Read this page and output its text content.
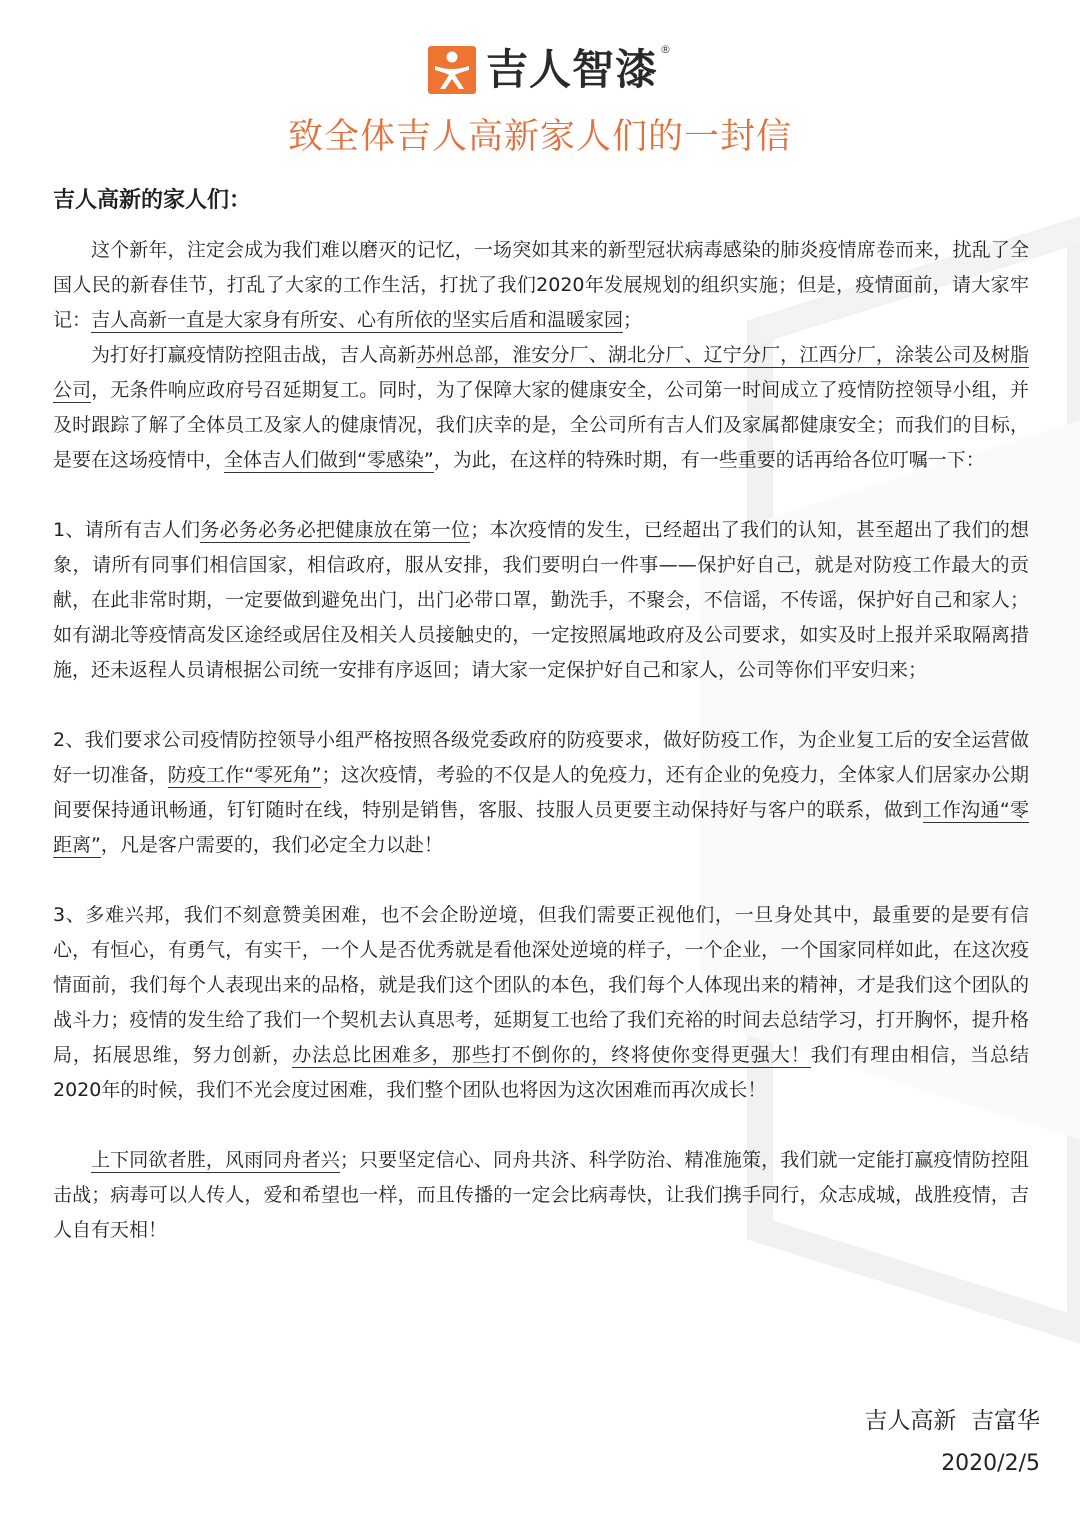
吉人智漆 ®
致全体吉人高新家人们的一封信
吉人高新的家人们：

这个新年，注定会成为我们难以磨灭的记忆，一场突如其来的新型冠状病毒感染的肺炎疫情席卷而来，扰乱了全国人民的新春佳节，打乱了大家的工作生活，打扰了我们2020年发展规划的组织实施；但是，疫情面前，请大家牢记：吉人高新一直是大家身有所安、心有所依的坚实后盾和温暖家园；

为打好打赢疫情防控阻击战，吉人高新苏州总部，淮安分厂、湖北分厂、辽宁分厂，江西分厂，涂装公司及树脂公司，无条件响应政府号召延期复工。同时，为了保障大家的健康安全，公司第一时间成立了疫情防控领导小组，并及时跟踪了解了全体员工及家人的健康情况，我们庆幸的是，全公司所有吉人们及家属都健康安全；而我们的目标，是要在这场疫情中，全体吉人们做到“零感染”，为此，在这样的特殊时期，有一些重要的话再给各位叮嘱一下：

1、请所有吉人们务必务必务必把健康放在第一位；本次疫情的发生，已经超出了我们的认知，甚至超出了我们的想象，请所有同事们相信国家，相信政府，服从安排，我们要明白一件事——保护好自己，就是对防疫工作最大的贡献，在此非常时期，一定要做到避免出门，出门必带口罩，勤洗手，不聚会，不信谣，不传谣，保护好自己和家人；如有湖北等疫情高发区途经或居住及相关人员接触史的，一定按照属地政府及公司要求，如实及时上报并采取隔离措施，还未返程人员请根据公司统一安排有序返回；请大家一定保护好自己和家人，公司等你们平安归来；

2、我们要求公司疫情防控领导小组严格按照各级党委政府的防疫要求，做好防疫工作，为企业复工后的安全运营做好一切准备，防疫工作“零死角”；这次疫情，考验的不仅是人的免疫力，还有企业的免疫力，全体家人们居家办公期间要保持通讯畅通，钉钉随时在线，特别是销售，客服、技服人员更要主动保持好与客户的联系，做到工作沟通“零距离”，凡是客户需要的，我们必定全力以赴！

3、多难兴邦，我们不刻意赞美困难，也不会企盼逆境，但我们需要正视他们，一旦身处其中，最重要的是要有信心，有恒心，有勇气，有实干，一个人是否优秀就是看他深处逆境的样子，一个企业，一个国家同样如此，在这次疫情面前，我们每个人表现出来的品格，就是我们这个团队的本色，我们每个人体现出来的精神，才是我们这个团队的战斗力；疫情的发生给了我们一个契机去认真思考，延期复工也给了我们充裕的时间去总结学习，打开胸怀，提升格局，拓展思维，努力创新，办法总比困难多，那些打不倒你的，终将使你变得更强大！我们有理由相信，当总结2020年的时候，我们不光会度过困难，我们整个团队也将因为这次困难而再次成长！

上下同欲者胜，风雨同舟者兴；只要坚定信心、同舟共济、科学防治、精准施策，我们就一定能打赢疫情防控阻击战；病毒可以人传人，爱和希望也一样，而且传播的一定会比病毒快，让我们携手同行，众志成城，战胜疫情，吉人自有天相！

吉人高新 吉富华
2020/2/5
